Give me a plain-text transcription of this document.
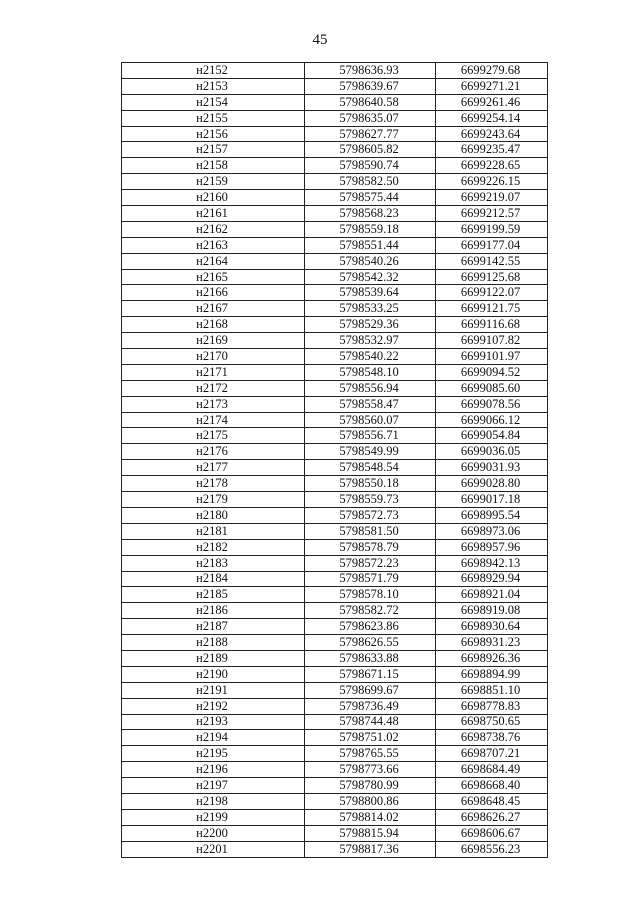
45
н2152	5798636.93	6699279.68
н2153	5798639.67	6699271.21
н2154	5798640.58	6699261.46
н2155	5798635.07	6699254.14
н2156	5798627.77	6699243.64
н2157	5798605.82	6699235.47
н2158	5798590.74	6699228.65
н2159	5798582.50	6699226.15
н2160	5798575.44	6699219.07
н2161	5798568.23	6699212.57
н2162	5798559.18	6699199.59
н2163	5798551.44	6699177.04
н2164	5798540.26	6699142.55
н2165	5798542.32	6699125.68
н2166	5798539.64	6699122.07
н2167	5798533.25	6699121.75
н2168	5798529.36	6699116.68
н2169	5798532.97	6699107.82
н2170	5798540.22	6699101.97
н2171	5798548.10	6699094.52
н2172	5798556.94	6699085.60
н2173	5798558.47	6699078.56
н2174	5798560.07	6699066.12
н2175	5798556.71	6699054.84
н2176	5798549.99	6699036.05
н2177	5798548.54	6699031.93
н2178	5798550.18	6699028.80
н2179	5798559.73	6699017.18
н2180	5798572.73	6698995.54
н2181	5798581.50	6698973.06
н2182	5798578.79	6698957.96
н2183	5798572.23	6698942.13
н2184	5798571.79	6698929.94
н2185	5798578.10	6698921.04
н2186	5798582.72	6698919.08
н2187	5798623.86	6698930.64
н2188	5798626.55	6698931.23
н2189	5798633.88	6698926.36
н2190	5798671.15	6698894.99
н2191	5798699.67	6698851.10
н2192	5798736.49	6698778.83
н2193	5798744.48	6698750.65
н2194	5798751.02	6698738.76
н2195	5798765.55	6698707.21
н2196	5798773.66	6698684.49
н2197	5798780.99	6698668.40
н2198	5798800.86	6698648.45
н2199	5798814.02	6698626.27
н2200	5798815.94	6698606.67
н2201	5798817.36	6698556.23
